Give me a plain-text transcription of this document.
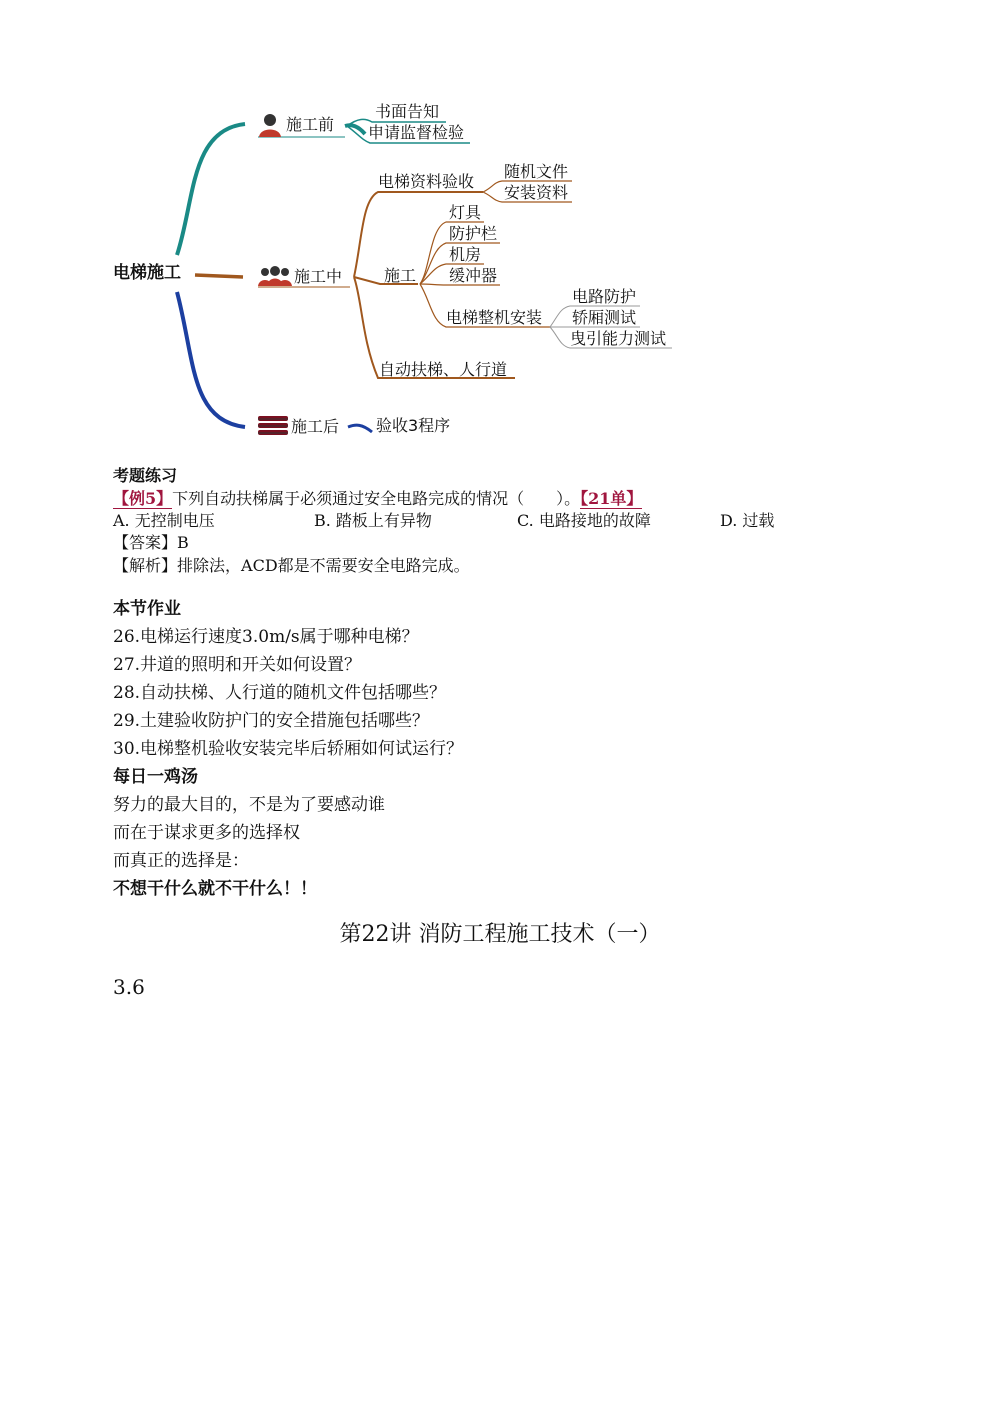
电梯施工
施工前
书面告知
申请监督检验
施工中
电梯资料验收
随机文件
安装资料
施工
灯具
防护栏
机房
缓冲器
电梯整机安装
电路防护
轿厢测试
曳引能力测试
自动扶梯、人行道
施工后 验收3程序
考题练习
【例5】下列自动扶梯属于必须通过安全电路完成的情况（　　）。【21单】
A. 无控制电压	B. 踏板上有异物	C. 电路接地的故障	D. 过载
【答案】B
【解析】排除法，ACD都是不需要安全电路完成。
本节作业
26.电梯运行速度3.0m/s属于哪种电梯？
27.井道的照明和开关如何设置？
28.自动扶梯、人行道的随机文件包括哪些？
29.土建验收防护门的安全措施包括哪些？
30.电梯整机验收安装完毕后轿厢如何试运行？
每日一鸡汤
努力的最大目的，不是为了要感动谁
而在于谋求更多的选择权
而真正的选择是：
不想干什么就不干什么！！
第22讲 消防工程施工技术（一）
3.6
